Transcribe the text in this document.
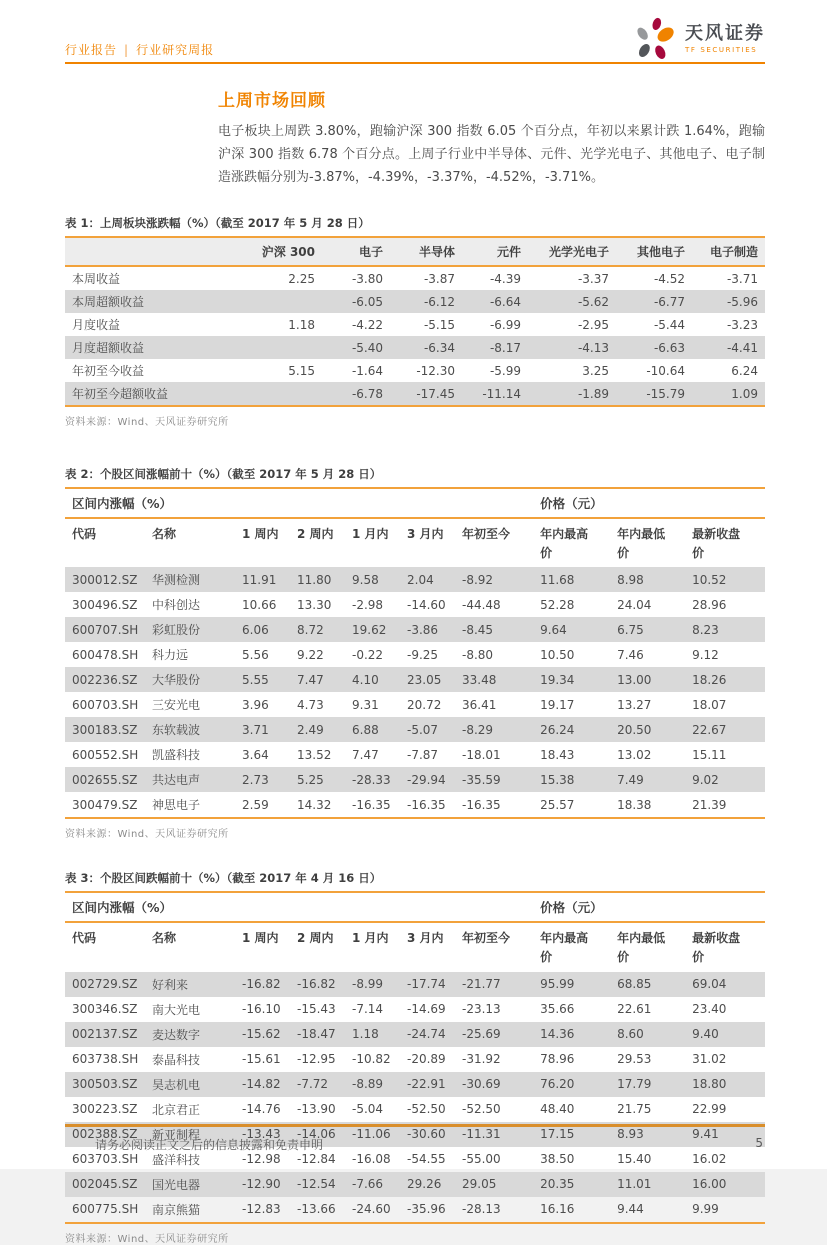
行业报告 | 行业研究周报
天风证券
TF SECURITIES
上周市场回顾

电子板块上周跌 3.80%，跑输沪深 300 指数 6.05 个百分点，年初以来累计跌 1.64%，跑输沪深 300 指数 6.78 个百分点。上周子行业中半导体、元件、光学光电子、其他电子、电子制造涨跌幅分别为-3.87%，-4.39%，-3.37%，-4.52%，-3.71%。

表 1：上周板块涨跌幅（%）（截至 2017 年 5 月 28 日）
	沪深 300	电子	半导体	元件	光学光电子	其他电子	电子制造
本周收益	2.25	-3.80	-3.87	-4.39	-3.37	-4.52	-3.71
本周超额收益		-6.05	-6.12	-6.64	-5.62	-6.77	-5.96
月度收益	1.18	-4.22	-5.15	-6.99	-2.95	-5.44	-3.23
月度超额收益		-5.40	-6.34	-8.17	-4.13	-6.63	-4.41
年初至今收益	5.15	-1.64	-12.30	-5.99	3.25	-10.64	6.24
年初至今超额收益		-6.78	-17.45	-11.14	-1.89	-15.79	1.09
资料来源：Wind、天风证券研究所
表 2：个股区间涨幅前十（%）（截至 2017 年 5 月 28 日）
区间内涨幅（%）							价格（元）		
代码	名称	1 周内	2 周内	1 月内	3 月内	年初至今	年内最高价	年内最低价	最新收盘价
300012.SZ	华测检测	11.91	11.80	9.58	2.04	-8.92	11.68	8.98	10.52
300496.SZ	中科创达	10.66	13.30	-2.98	-14.60	-44.48	52.28	24.04	28.96
600707.SH	彩虹股份	6.06	8.72	19.62	-3.86	-8.45	9.64	6.75	8.23
600478.SH	科力远	5.56	9.22	-0.22	-9.25	-8.80	10.50	7.46	9.12
002236.SZ	大华股份	5.55	7.47	4.10	23.05	33.48	19.34	13.00	18.26
600703.SH	三安光电	3.96	4.73	9.31	20.72	36.41	19.17	13.27	18.07
300183.SZ	东软载波	3.71	2.49	6.88	-5.07	-8.29	26.24	20.50	22.67
600552.SH	凯盛科技	3.64	13.52	7.47	-7.87	-18.01	18.43	13.02	15.11
002655.SZ	共达电声	2.73	5.25	-28.33	-29.94	-35.59	15.38	7.49	9.02
300479.SZ	神思电子	2.59	14.32	-16.35	-16.35	-16.35	25.57	18.38	21.39
资料来源：Wind、天风证券研究所
表 3：个股区间跌幅前十（%）（截至 2017 年 4 月 16 日）
区间内涨幅（%）							价格（元）		
代码	名称	1 周内	2 周内	1 月内	3 月内	年初至今	年内最高价	年内最低价	最新收盘价
002729.SZ	好利来	-16.82	-16.82	-8.99	-17.74	-21.77	95.99	68.85	69.04
300346.SZ	南大光电	-16.10	-15.43	-7.14	-14.69	-23.13	35.66	22.61	23.40
002137.SZ	麦达数字	-15.62	-18.47	1.18	-24.74	-25.69	14.36	8.60	9.40
603738.SH	泰晶科技	-15.61	-12.95	-10.82	-20.89	-31.92	78.96	29.53	31.02
300503.SZ	昊志机电	-14.82	-7.72	-8.89	-22.91	-30.69	76.20	17.79	18.80
300223.SZ	北京君正	-14.76	-13.90	-5.04	-52.50	-52.50	48.40	21.75	22.99
002388.SZ	新亚制程	-13.43	-14.06	-11.06	-30.60	-11.31	17.15	8.93	9.41
603703.SH	盛洋科技	-12.98	-12.84	-16.08	-54.55	-55.00	38.50	15.40	16.02
002045.SZ	国光电器	-12.90	-12.54	-7.66	29.26	29.05	20.35	11.01	16.00
600775.SH	南京熊猫	-12.83	-13.66	-24.60	-35.96	-28.13	16.16	9.44	9.99
资料来源：Wind、天风证券研究所
请务必阅读正文之后的信息披露和免责申明	5
